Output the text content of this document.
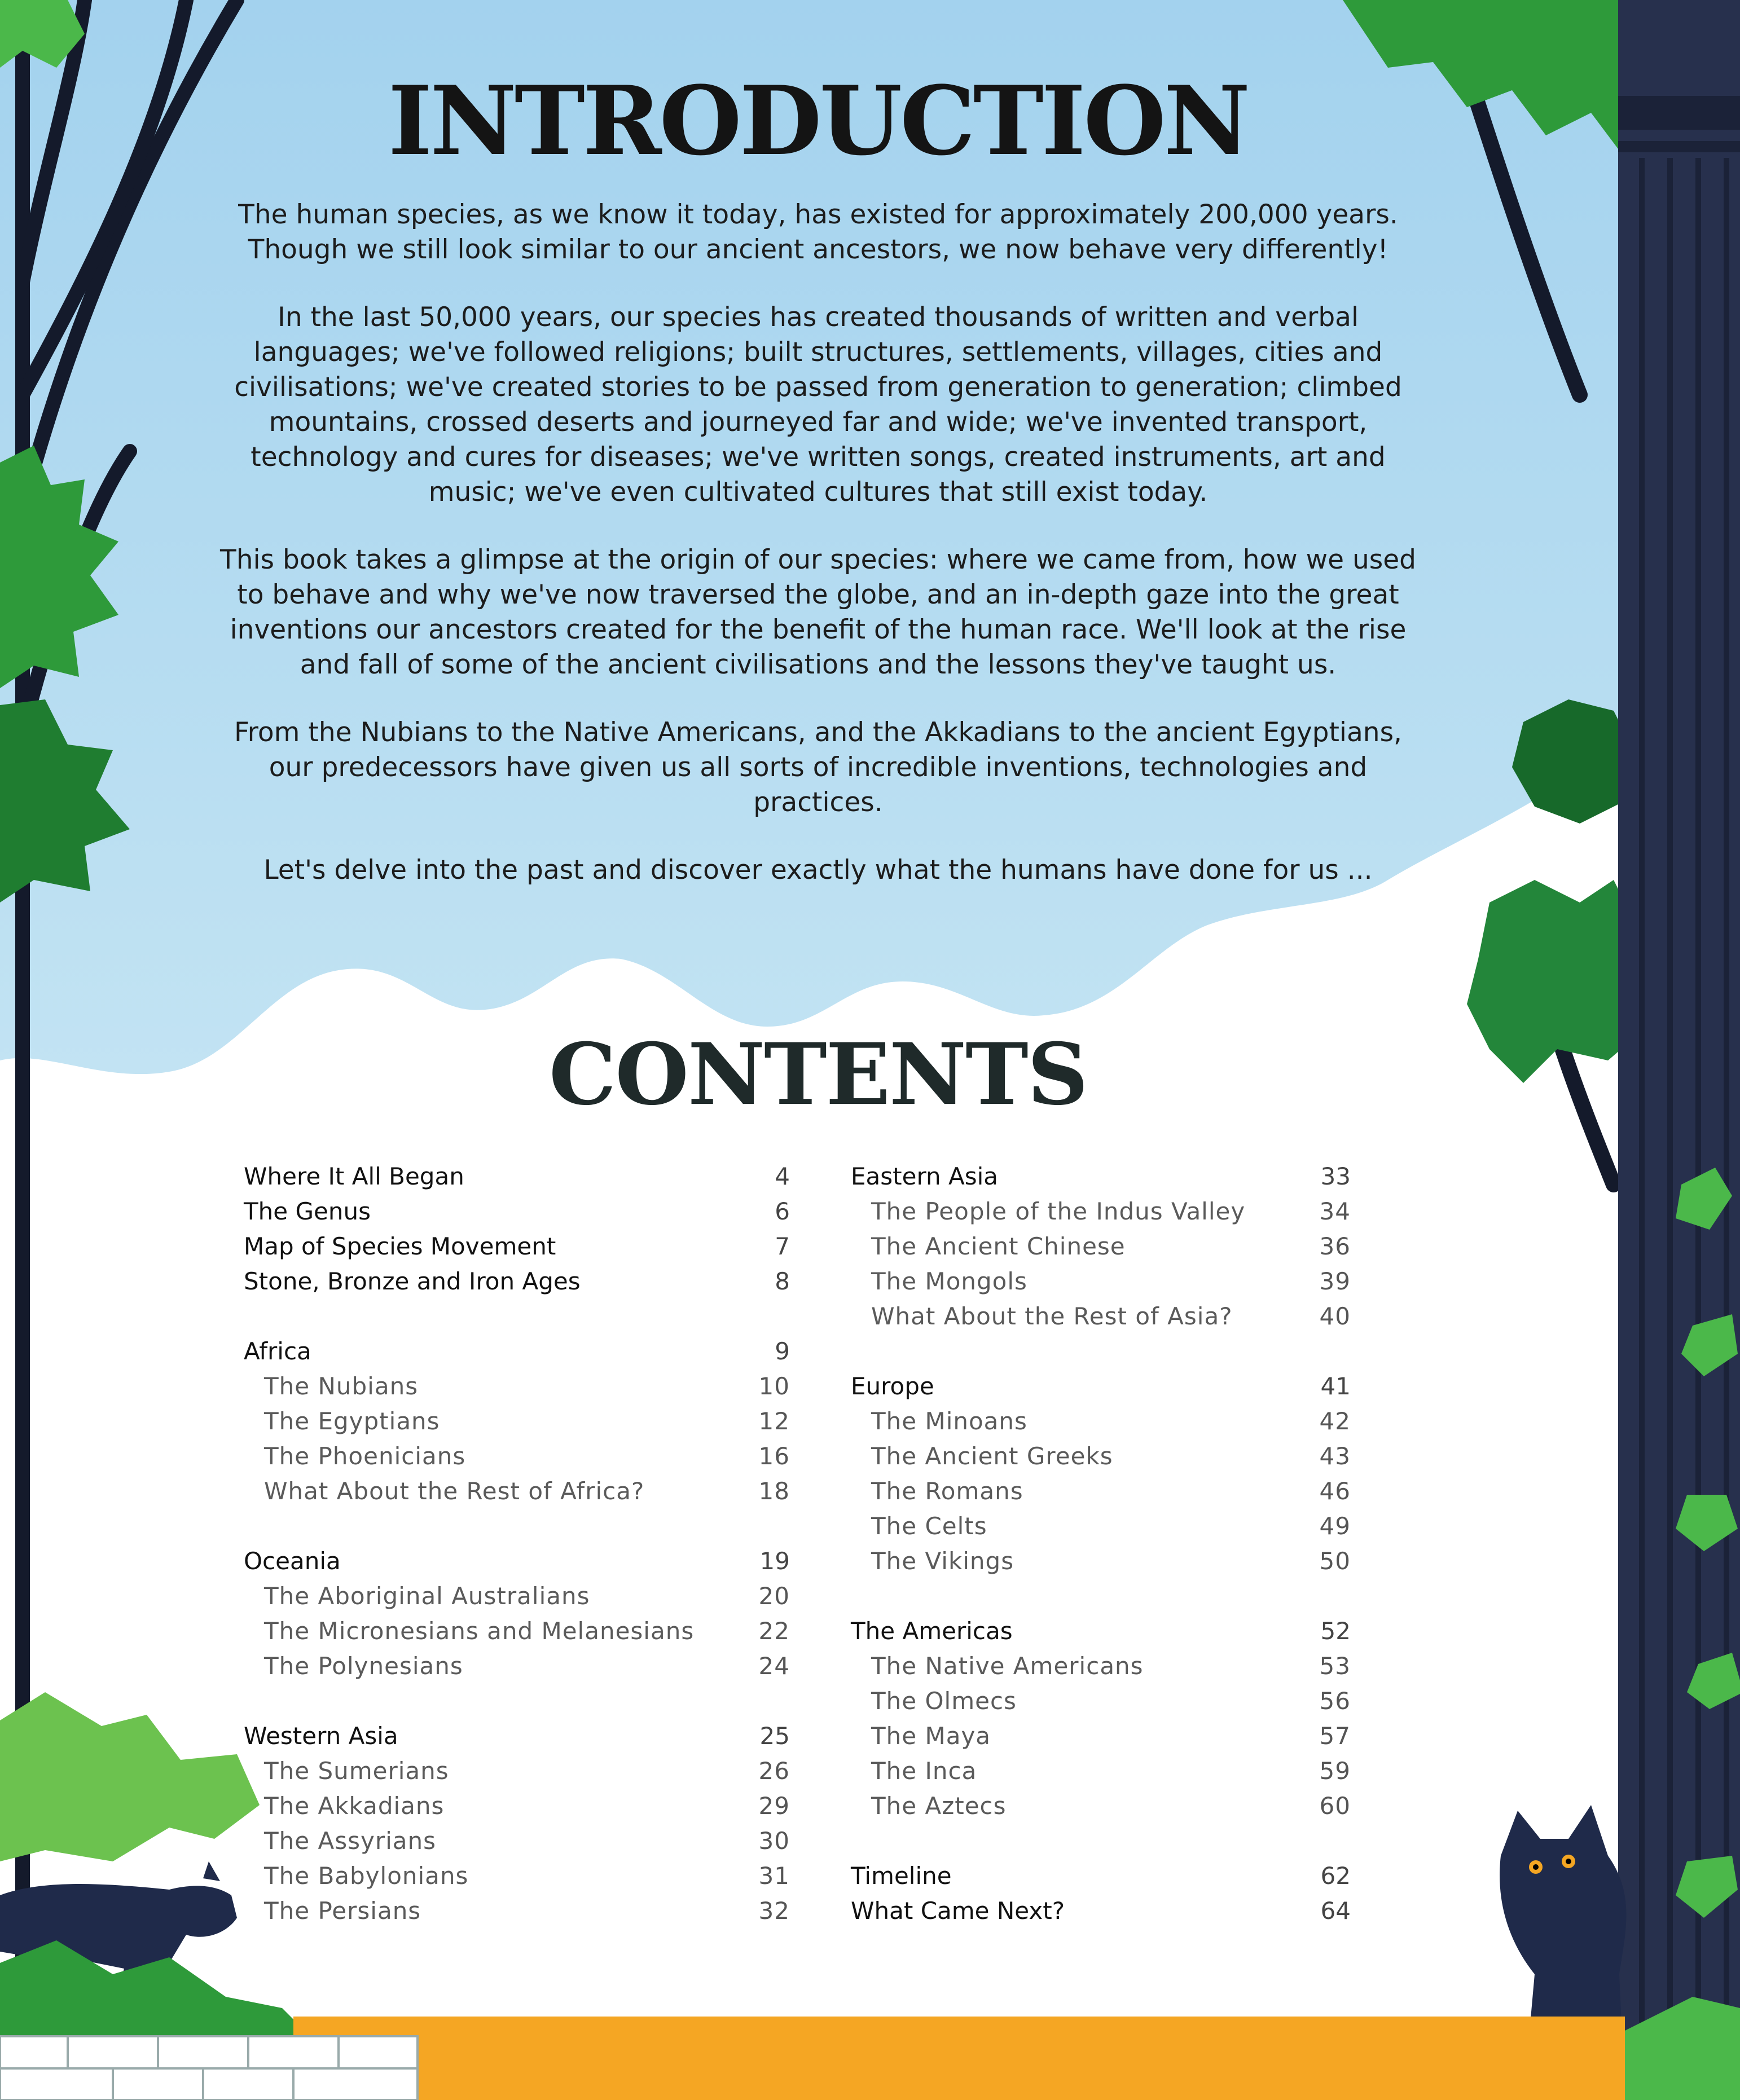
INTRODUCTION

The human species, as we know it today, has existed for approximately 200,000 years. Though we still look similar to our ancient ancestors, we now behave very differently!

In the last 50,000 years, our species has created thousands of written and verbal languages; we've followed religions; built structures, settlements, villages, cities and civilisations; we've created stories to be passed from generation to generation; climbed mountains, crossed deserts and journeyed far and wide; we've invented transport, technology and cures for diseases; we've written songs, created instruments, art and music; we've even cultivated cultures that still exist today.

This book takes a glimpse at the origin of our species: where we came from, how we used to behave and why we've now traversed the globe, and an in-depth gaze into the great inventions our ancestors created for the benefit of the human race. We'll look at the rise and fall of some of the ancient civilisations and the lessons they've taught us.

From the Nubians to the Native Americans, and the Akkadians to the ancient Egyptians, our predecessors have given us all sorts of incredible inventions, technologies and practices.

Let's delve into the past and discover exactly what the humans have done for us ...

CONTENTS
Where It All Began	4
The Genus	6
Map of Species Movement	7
Stone, Bronze and Iron Ages	8
Africa	9
The Nubians	10
The Egyptians	12
The Phoenicians	16
What About the Rest of Africa?	18
Oceania	19
The Aboriginal Australians	20
The Micronesians and Melanesians	22
The Polynesians	24
Western Asia	25
The Sumerians	26
The Akkadians	29
The Assyrians	30
The Babylonians	31
The Persians	32
Eastern Asia	33
The People of the Indus Valley	34
The Ancient Chinese	36
The Mongols	39
What About the Rest of Asia?	40
Europe	41
The Minoans	42
The Ancient Greeks	43
The Romans	46
The Celts	49
The Vikings	50
The Americas	52
The Native Americans	53
The Olmecs	56
The Maya	57
The Inca	59
The Aztecs	60
Timeline	62
What Came Next?	64
